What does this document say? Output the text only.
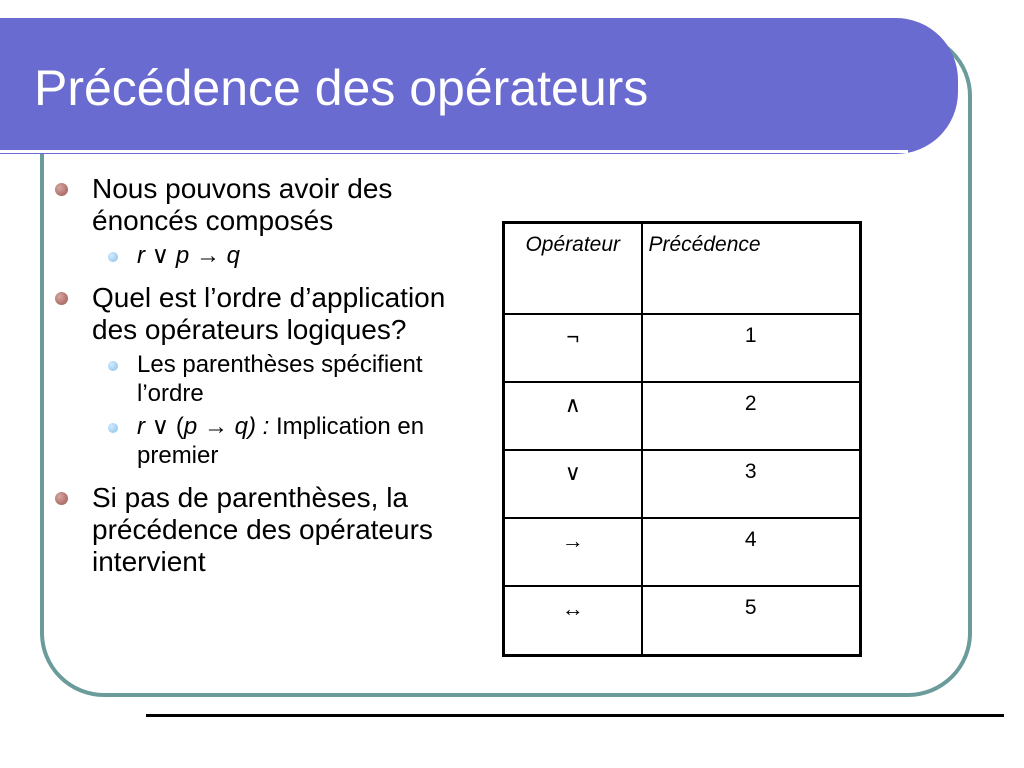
Précédence des opérateurs

Nous pouvons avoir des énoncés composés

r ∨ p → q

Quel est l’ordre d’application des opérateurs logiques?

Les parenthèses spécifient l’ordre

r ∨ (p → q) : Implication en premier

Si pas de parenthèses, la précédence des opérateurs intervient

Opérateur	Précédence
¬	1
∧	2
∨	3
→	4
↔	5
